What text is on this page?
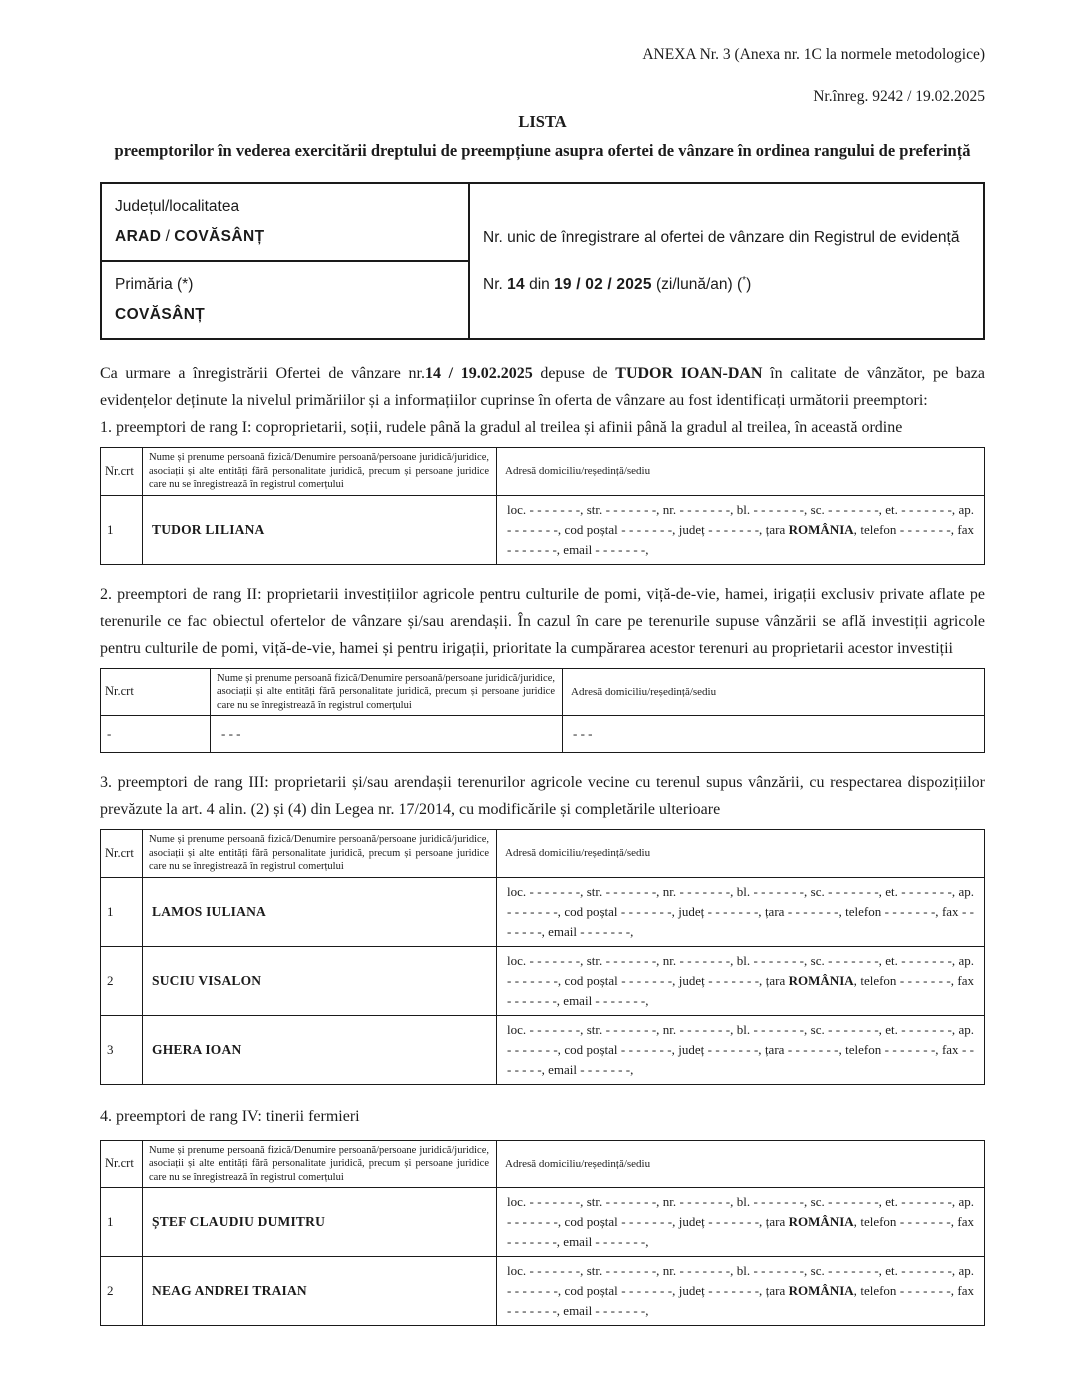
ANEXA Nr. 3 (Anexa nr. 1C la normele metodologice)
Nr.înreg. 9242 / 19.02.2025
LISTA
preemptorilor în vederea exercitării dreptului de preempțiune asupra ofertei de vânzare în ordinea rangului de preferință
Județul/localitatea
ARAD / COVĂSÂNȚ	Nr. unic de înregistrare al ofertei de vânzare din Registrul de evidență
Nr. 14 din 19 / 02 / 2025 (zi/lună/an) (*)

Primăria (*)
COVĂSÂNȚ

Ca urmare a înregistrării Ofertei de vânzare nr.14 / 19.02.2025 depuse de TUDOR IOAN-DAN în calitate de vânzător, pe baza evidențelor deținute la nivelul primăriilor și a informațiilor cuprinse în oferta de vânzare au fost identificați următorii preemptori:

1. preemptori de rang I: coproprietarii, soții, rudele până la gradul al treilea și afinii până la gradul al treilea, în această ordine

Nr.crt	Nume și prenume persoană fizică/Denumire persoană/persoane juridică/juridice, asociații și alte entități fără personalitate juridică, precum și persoane juridice care nu se înregistrează în registrul comerțului	Adresă domiciliu/reședință/sediu
1	TUDOR LILIANA	loc. - - - - - - -, str. - - - - - - -, nr. - - - - - - -, bl. - - - - - - -, sc. - - - - - - -, et. - - - - - - -, ap. - - - - - - -, cod poștal - - - - - - -, județ - - - - - - -, țara ROMÂNIA, telefon - - - - - - -, fax - - - - - - -, email - - - - - - -,

2. preemptori de rang II: proprietarii investițiilor agricole pentru culturile de pomi, viță-de-vie, hamei, irigații exclusiv private aflate pe terenurile ce fac obiectul ofertelor de vânzare și/sau arendașii. În cazul în care pe terenurile supuse vânzării se află investiții agricole pentru culturile de pomi, viță-de-vie, hamei și pentru irigații, prioritate la cumpărarea acestor terenuri au proprietarii acestor investiții

Nr.crt	Nume și prenume persoană fizică/Denumire persoană/persoane juridică/juridice, asociații și alte entități fără personalitate juridică, precum și persoane juridice care nu se înregistrează în registrul comerțului	Adresă domiciliu/reședință/sediu
-	- - -	- - -

3. preemptori de rang III: proprietarii și/sau arendașii terenurilor agricole vecine cu terenul supus vânzării, cu respectarea dispozițiilor prevăzute la art. 4 alin. (2) și (4) din Legea nr. 17/2014, cu modificările și completările ulterioare

Nr.crt	Nume și prenume persoană fizică/Denumire persoană/persoane juridică/juridice, asociații și alte entități fără personalitate juridică, precum și persoane juridice care nu se înregistrează în registrul comerțului	Adresă domiciliu/reședință/sediu
1	LAMOS IULIANA	loc. - - - - - - -, str. - - - - - - -, nr. - - - - - - -, bl. - - - - - - -, sc. - - - - - - -, et. - - - - - - -, ap. - - - - - - -, cod poștal - - - - - - -, județ - - - - - - -, țara - - - - - - -, telefon - - - - - - -, fax - - - - - - -, email - - - - - - -,
2	SUCIU VISALON	loc. - - - - - - -, str. - - - - - - -, nr. - - - - - - -, bl. - - - - - - -, sc. - - - - - - -, et. - - - - - - -, ap. - - - - - - -, cod poștal - - - - - - -, județ - - - - - - -, țara ROMÂNIA, telefon - - - - - - -, fax - - - - - - -, email - - - - - - -,
3	GHERA IOAN	loc. - - - - - - -, str. - - - - - - -, nr. - - - - - - -, bl. - - - - - - -, sc. - - - - - - -, et. - - - - - - -, ap. - - - - - - -, cod poștal - - - - - - -, județ - - - - - - -, țara - - - - - - -, telefon - - - - - - -, fax - - - - - - -, email - - - - - - -,

4. preemptori de rang IV: tinerii fermieri

Nr.crt	Nume și prenume persoană fizică/Denumire persoană/persoane juridică/juridice, asociații și alte entități fără personalitate juridică, precum și persoane juridice care nu se înregistrează în registrul comerțului	Adresă domiciliu/reședință/sediu
1	ȘTEF CLAUDIU DUMITRU	loc. - - - - - - -, str. - - - - - - -, nr. - - - - - - -, bl. - - - - - - -, sc. - - - - - - -, et. - - - - - - -, ap. - - - - - - -, cod poștal - - - - - - -, județ - - - - - - -, țara ROMÂNIA, telefon - - - - - - -, fax - - - - - - -, email - - - - - - -,
2	NEAG ANDREI TRAIAN	loc. - - - - - - -, str. - - - - - - -, nr. - - - - - - -, bl. - - - - - - -, sc. - - - - - - -, et. - - - - - - -, ap. - - - - - - -, cod poștal - - - - - - -, județ - - - - - - -, țara ROMÂNIA, telefon - - - - - - -, fax - - - - - - -, email - - - - - - -,
